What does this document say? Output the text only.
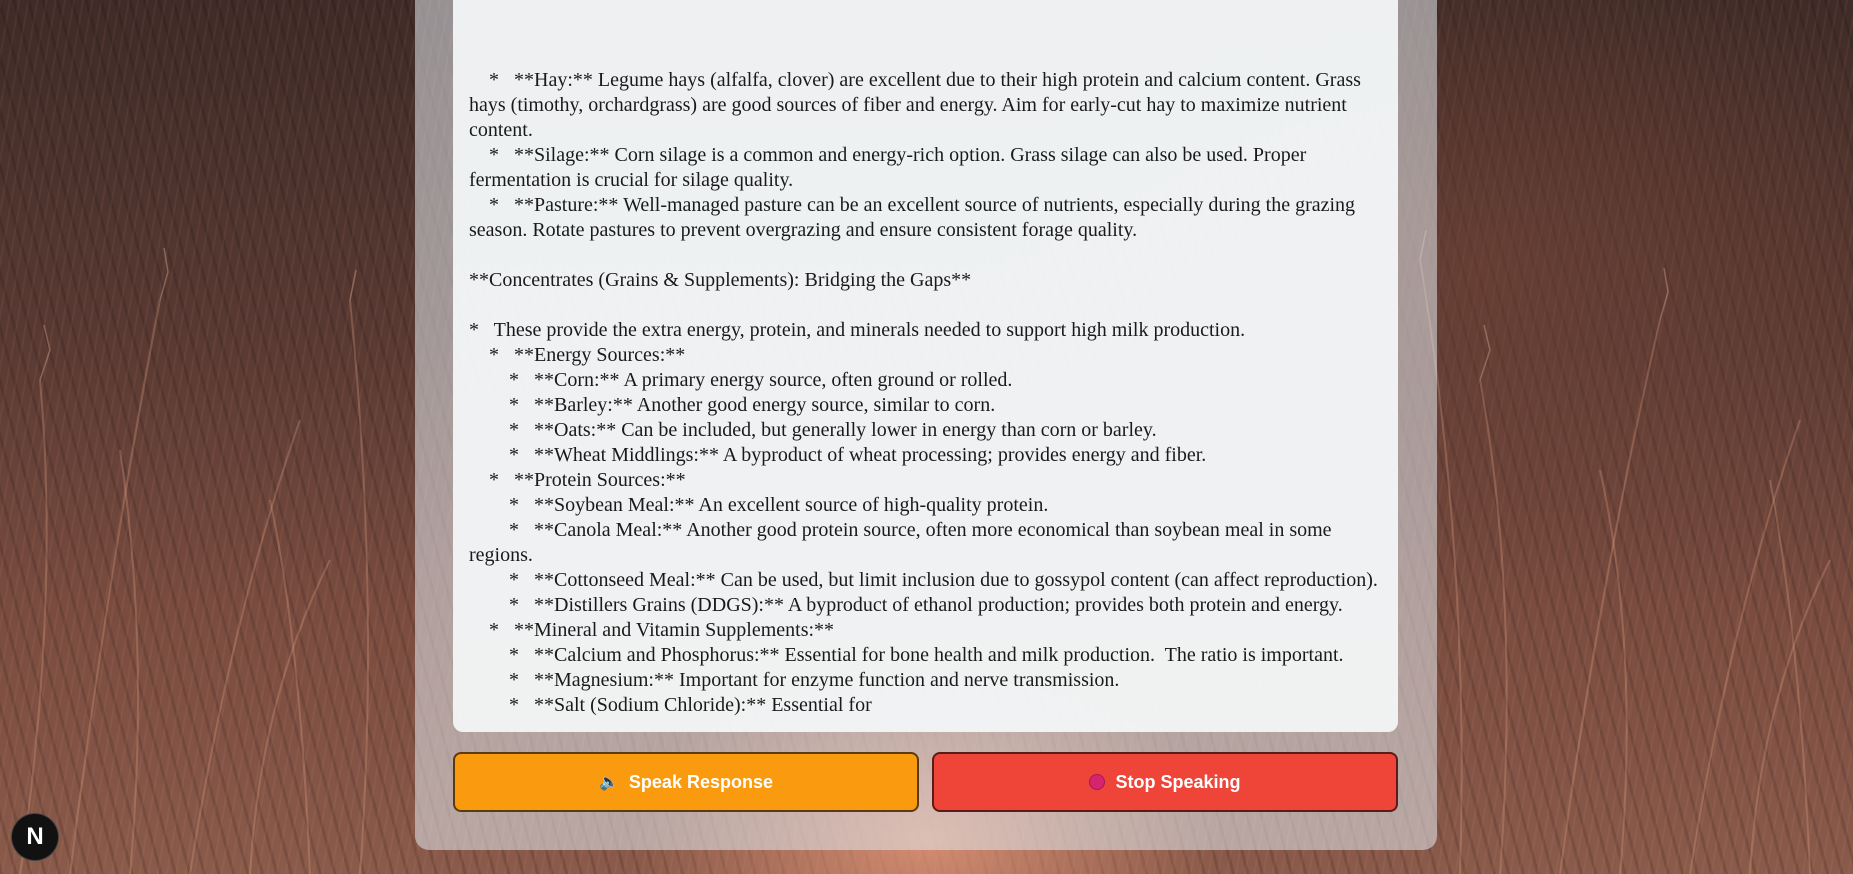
*   **Hay:** Legume hays (alfalfa, clover) are excellent due to their high protein and calcium content. Grass hays (timothy, orchardgrass) are good sources of fiber and energy. Aim for early-cut hay to maximize nutrient content.
*   **Silage:** Corn silage is a common and energy-rich option. Grass silage can also be used. Proper fermentation is crucial for silage quality.
*   **Pasture:** Well-managed pasture can be an excellent source of nutrients, especially during the grazing season. Rotate pastures to prevent overgrazing and ensure consistent forage quality.

**Concentrates (Grains & Supplements): Bridging the Gaps**

*   These provide the extra energy, protein, and minerals needed to support high milk production.
*   **Energy Sources:**
*   **Corn:** A primary energy source, often ground or rolled.
*   **Barley:** Another good energy source, similar to corn.
*   **Oats:** Can be included, but generally lower in energy than corn or barley.
*   **Wheat Middlings:** A byproduct of wheat processing; provides energy and fiber.
*   **Protein Sources:**
*   **Soybean Meal:** An excellent source of high-quality protein.
*   **Canola Meal:** Another good protein source, often more economical than soybean meal in some regions.
*   **Cottonseed Meal:** Can be used, but limit inclusion due to gossypol content (can affect reproduction).
*   **Distillers Grains (DDGS):** A byproduct of ethanol production; provides both protein and energy.
*   **Mineral and Vitamin Supplements:**
*   **Calcium and Phosphorus:** Essential for bone health and milk production.  The ratio is important.
*   **Magnesium:** Important for enzyme function and nerve transmission.
*   **Salt (Sodium Chloride):** Essential for
🔈 Speak Response	Stop Speaking
N
